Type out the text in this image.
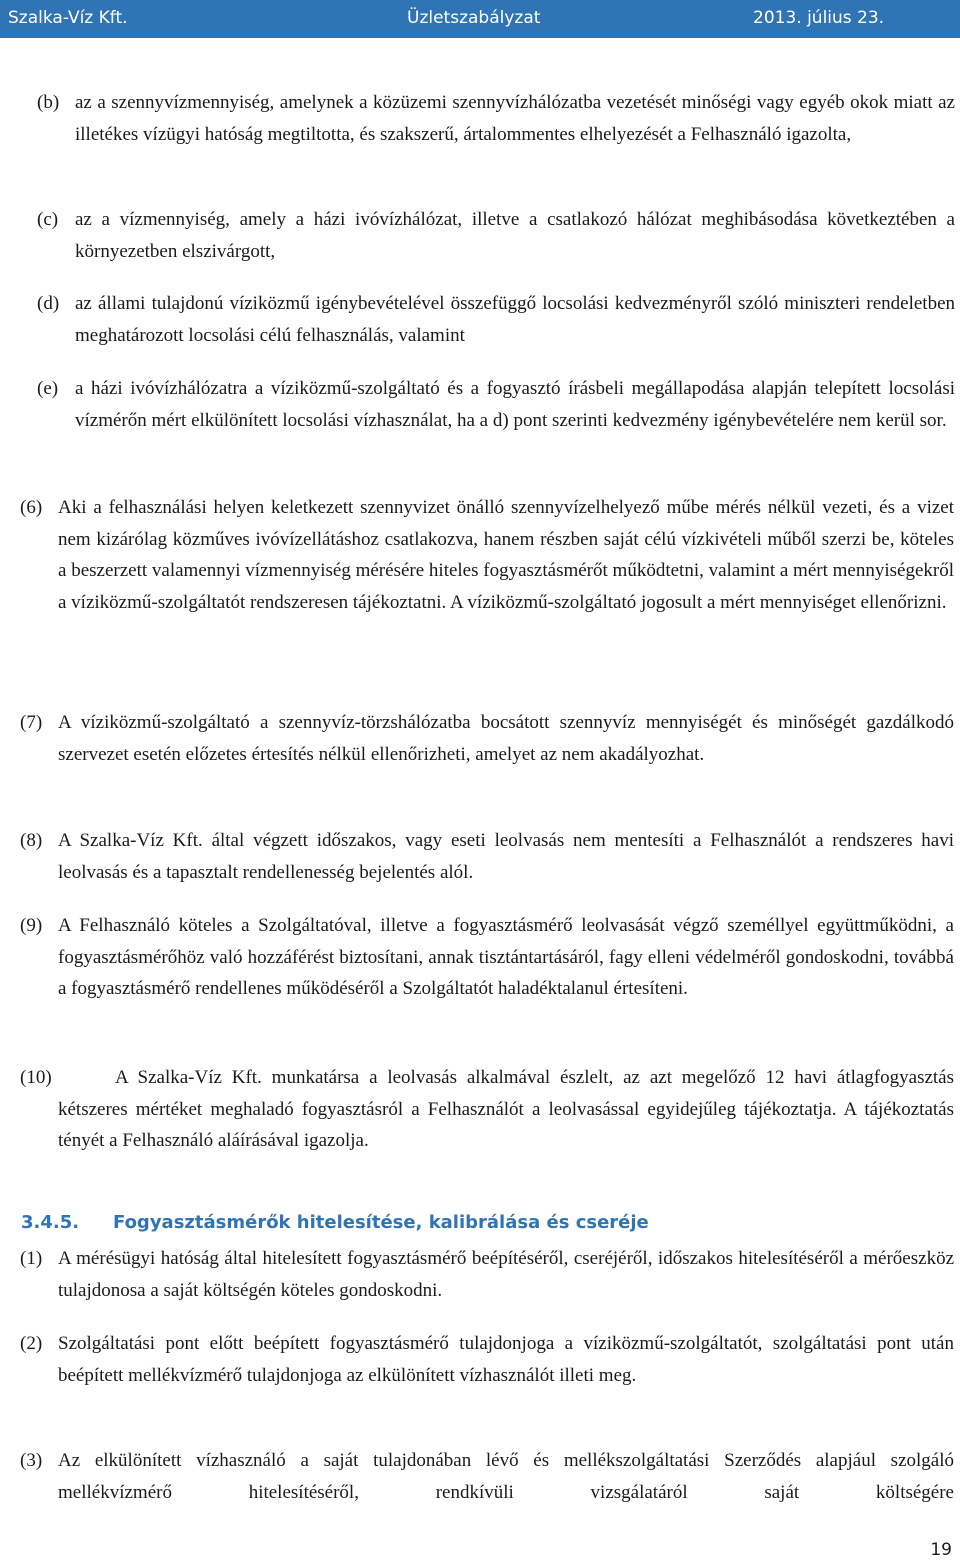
Szalka-Víz Kft.	Üzletszabályzat	2013. július 23.
(b) az a szennyvízmennyiség, amelynek a közüzemi szennyvízhálózatba vezetését minőségi vagy egyéb okok miatt az illetékes vízügyi hatóság megtiltotta, és szakszerű, ártalommentes elhelyezését a Felhasználó igazolta,
(c) az a vízmennyiség, amely a házi ivóvízhálózat, illetve a csatlakozó hálózat meghibásodása következtében a környezetben elszivárgott,
(d) az állami tulajdonú víziközmű igénybevételével összefüggő locsolási kedvezményről szóló miniszteri rendeletben meghatározott locsolási célú felhasználás, valamint
(e) a házi ivóvízhálózatra a víziközmű-szolgáltató és a fogyasztó írásbeli megállapodása alapján telepített locsolási vízmérőn mért elkülönített locsolási vízhasználat, ha a d) pont szerinti kedvezmény igénybevételére nem kerül sor.
(6) Aki a felhasználási helyen keletkezett szennyvizet önálló szennyvízelhelyező műbe mérés nélkül vezeti, és a vizet nem kizárólag közműves ivóvízellátáshoz csatlakozva, hanem részben saját célú vízkivételi műből szerzi be, köteles a beszerzett valamennyi vízmennyiség mérésére hiteles fogyasztásmérőt működtetni, valamint a mért mennyiségekről a víziközmű-szolgáltatót rendszeresen tájékoztatni. A víziközmű-szolgáltató jogosult a mért mennyiséget ellenőrizni.
(7) A víziközmű-szolgáltató a szennyvíz-törzshálózatba bocsátott szennyvíz mennyiségét és minőségét gazdálkodó szervezet esetén előzetes értesítés nélkül ellenőrizheti, amelyet az nem akadályozhat.
(8) A Szalka-Víz Kft. által végzett időszakos, vagy eseti leolvasás nem mentesíti a Felhasználót a rendszeres havi leolvasás és a tapasztalt rendellenesség bejelentés alól.
(9) A Felhasználó köteles a Szolgáltatóval, illetve a fogyasztásmérő leolvasását végző személlyel együttműködni, a fogyasztásmérőhöz való hozzáférést biztosítani, annak tisztántartásáról, fagy elleni védelméről gondoskodni, továbbá a fogyasztásmérő rendellenes működéséről a Szolgáltatót haladéktalanul értesíteni.
(10)	A Szalka-Víz Kft. munkatársa a leolvasás alkalmával észlelt, az azt megelőző 12 havi átlagfogyasztás kétszeres mértéket meghaladó fogyasztásról a Felhasználót a leolvasással egyidejűleg tájékoztatja. A tájékoztatás tényét a Felhasználó aláírásával igazolja.
3.4.5. Fogyasztásmérők hitelesítése, kalibrálása és cseréje
(1) A mérésügyi hatóság által hitelesített fogyasztásmérő beépítéséről, cseréjéről, időszakos hitelesítéséről a mérőeszköz tulajdonosa a saját költségén köteles gondoskodni.
(2) Szolgáltatási pont előtt beépített fogyasztásmérő tulajdonjoga a víziközmű-szolgáltatót, szolgáltatási pont után beépített mellékvízmérő tulajdonjoga az elkülönített vízhasználót illeti meg.
(3) Az elkülönített vízhasználó a saját tulajdonában lévő és mellékszolgáltatási Szerződés alapjául szolgáló mellékvízmérő hitelesítéséről, rendkívüli vizsgálatáról saját költségére
19
